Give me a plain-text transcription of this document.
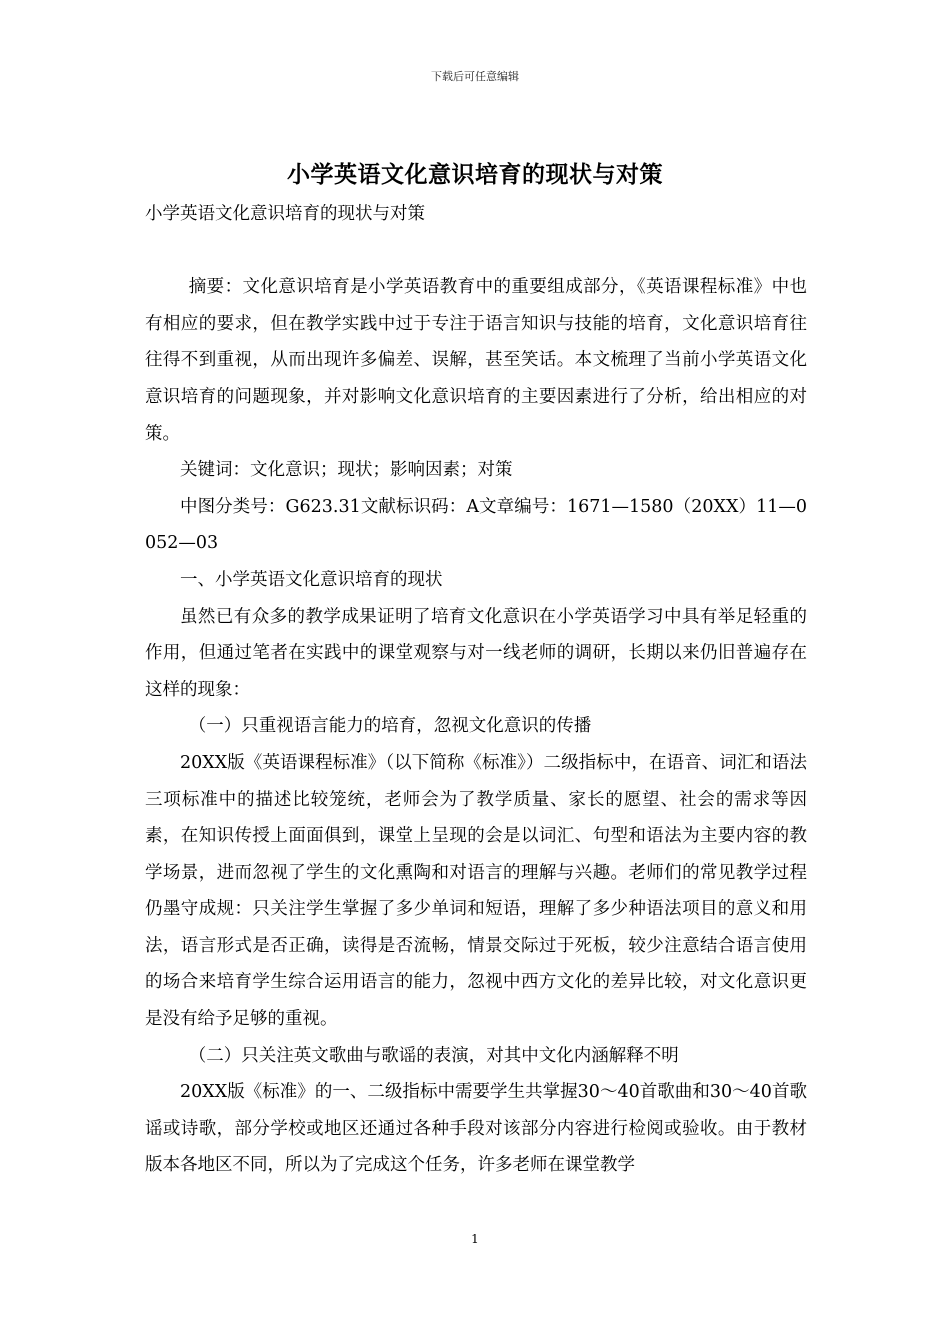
下载后可任意编辑
小学英语文化意识培育的现状与对策

小学英语文化意识培育的现状与对策

摘要：文化意识培育是小学英语教育中的重要组成部分，《英语课程标准》中也有相应的要求，但在教学实践中过于专注于语言知识与技能的培育，文化意识培育往往得不到重视，从而出现许多偏差、误解，甚至笑话。本文梳理了当前小学英语文化意识培育的问题现象，并对影响文化意识培育的主要因素进行了分析，给出相应的对策。

关键词：文化意识；现状；影响因素；对策

中图分类号：G623.31文献标识码：A文章编号：1671—1580（20XX）11—0052—03

一、小学英语文化意识培育的现状

虽然已有众多的教学成果证明了培育文化意识在小学英语学习中具有举足轻重的作用，但通过笔者在实践中的课堂观察与对一线老师的调研，长期以来仍旧普遍存在这样的现象：

（一）只重视语言能力的培育，忽视文化意识的传播

20XX版《英语课程标准》（以下简称《标准》）二级指标中，在语音、词汇和语法三项标准中的描述比较笼统，老师会为了教学质量、家长的愿望、社会的需求等因素，在知识传授上面面俱到，课堂上呈现的会是以词汇、句型和语法为主要内容的教学场景，进而忽视了学生的文化熏陶和对语言的理解与兴趣。老师们的常见教学过程仍墨守成规：只关注学生掌握了多少单词和短语，理解了多少种语法项目的意义和用法，语言形式是否正确，读得是否流畅，情景交际过于死板，较少注意结合语言使用的场合来培育学生综合运用语言的能力，忽视中西方文化的差异比较，对文化意识更是没有给予足够的重视。

（二）只关注英文歌曲与歌谣的表演，对其中文化内涵解释不明

20XX版《标准》的一、二级指标中需要学生共掌握30～40首歌曲和30～40首歌谣或诗歌，部分学校或地区还通过各种手段对该部分内容进行检阅或验收。由于教材版本各地区不同，所以为了完成这个任务，许多老师在课堂教学

1
